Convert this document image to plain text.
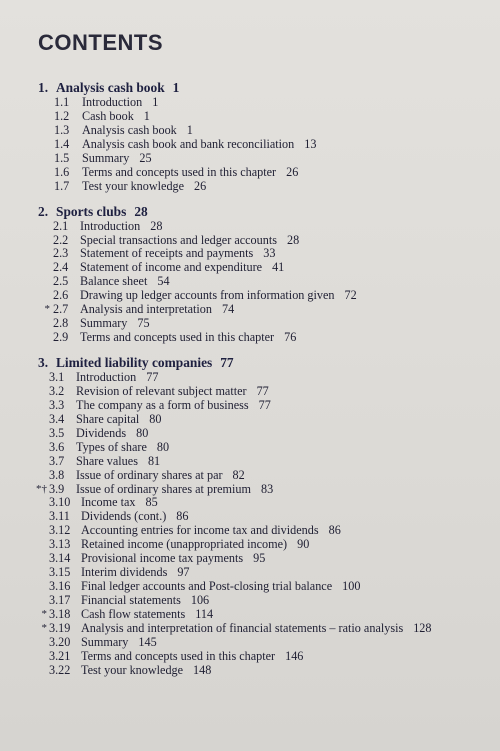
CONTENTS
1. Analysis cash book 1
1.1 Introduction 1
1.2 Cash book 1
1.3 Analysis cash book 1
1.4 Analysis cash book and bank reconciliation 13
1.5 Summary 25
1.6 Terms and concepts used in this chapter 26
1.7 Test your knowledge 26
2. Sports clubs 28
2.1 Introduction 28
2.2 Special transactions and ledger accounts 28
2.3 Statement of receipts and payments 33
2.4 Statement of income and expenditure 41
2.5 Balance sheet 54
2.6 Drawing up ledger accounts from information given 72
* 2.7 Analysis and interpretation 74
2.8 Summary 75
2.9 Terms and concepts used in this chapter 76
3. Limited liability companies 77
3.1 Introduction 77
3.2 Revision of relevant subject matter 77
3.3 The company as a form of business 77
3.4 Share capital 80
3.5 Dividends 80
3.6 Types of share 80
3.7 Share values 81
3.8 Issue of ordinary shares at par 82
*† 3.9 Issue of ordinary shares at premium 83
3.10 Income tax 85
3.11 Dividends (cont.) 86
3.12 Accounting entries for income tax and dividends 86
3.13 Retained income (unappropriated income) 90
3.14 Provisional income tax payments 95
3.15 Interim dividends 97
3.16 Final ledger accounts and Post-closing trial balance 100
3.17 Financial statements 106
* 3.18 Cash flow statements 114
* 3.19 Analysis and interpretation of financial statements – ratio analysis 128
3.20 Summary 145
3.21 Terms and concepts used in this chapter 146
3.22 Test your knowledge 148
